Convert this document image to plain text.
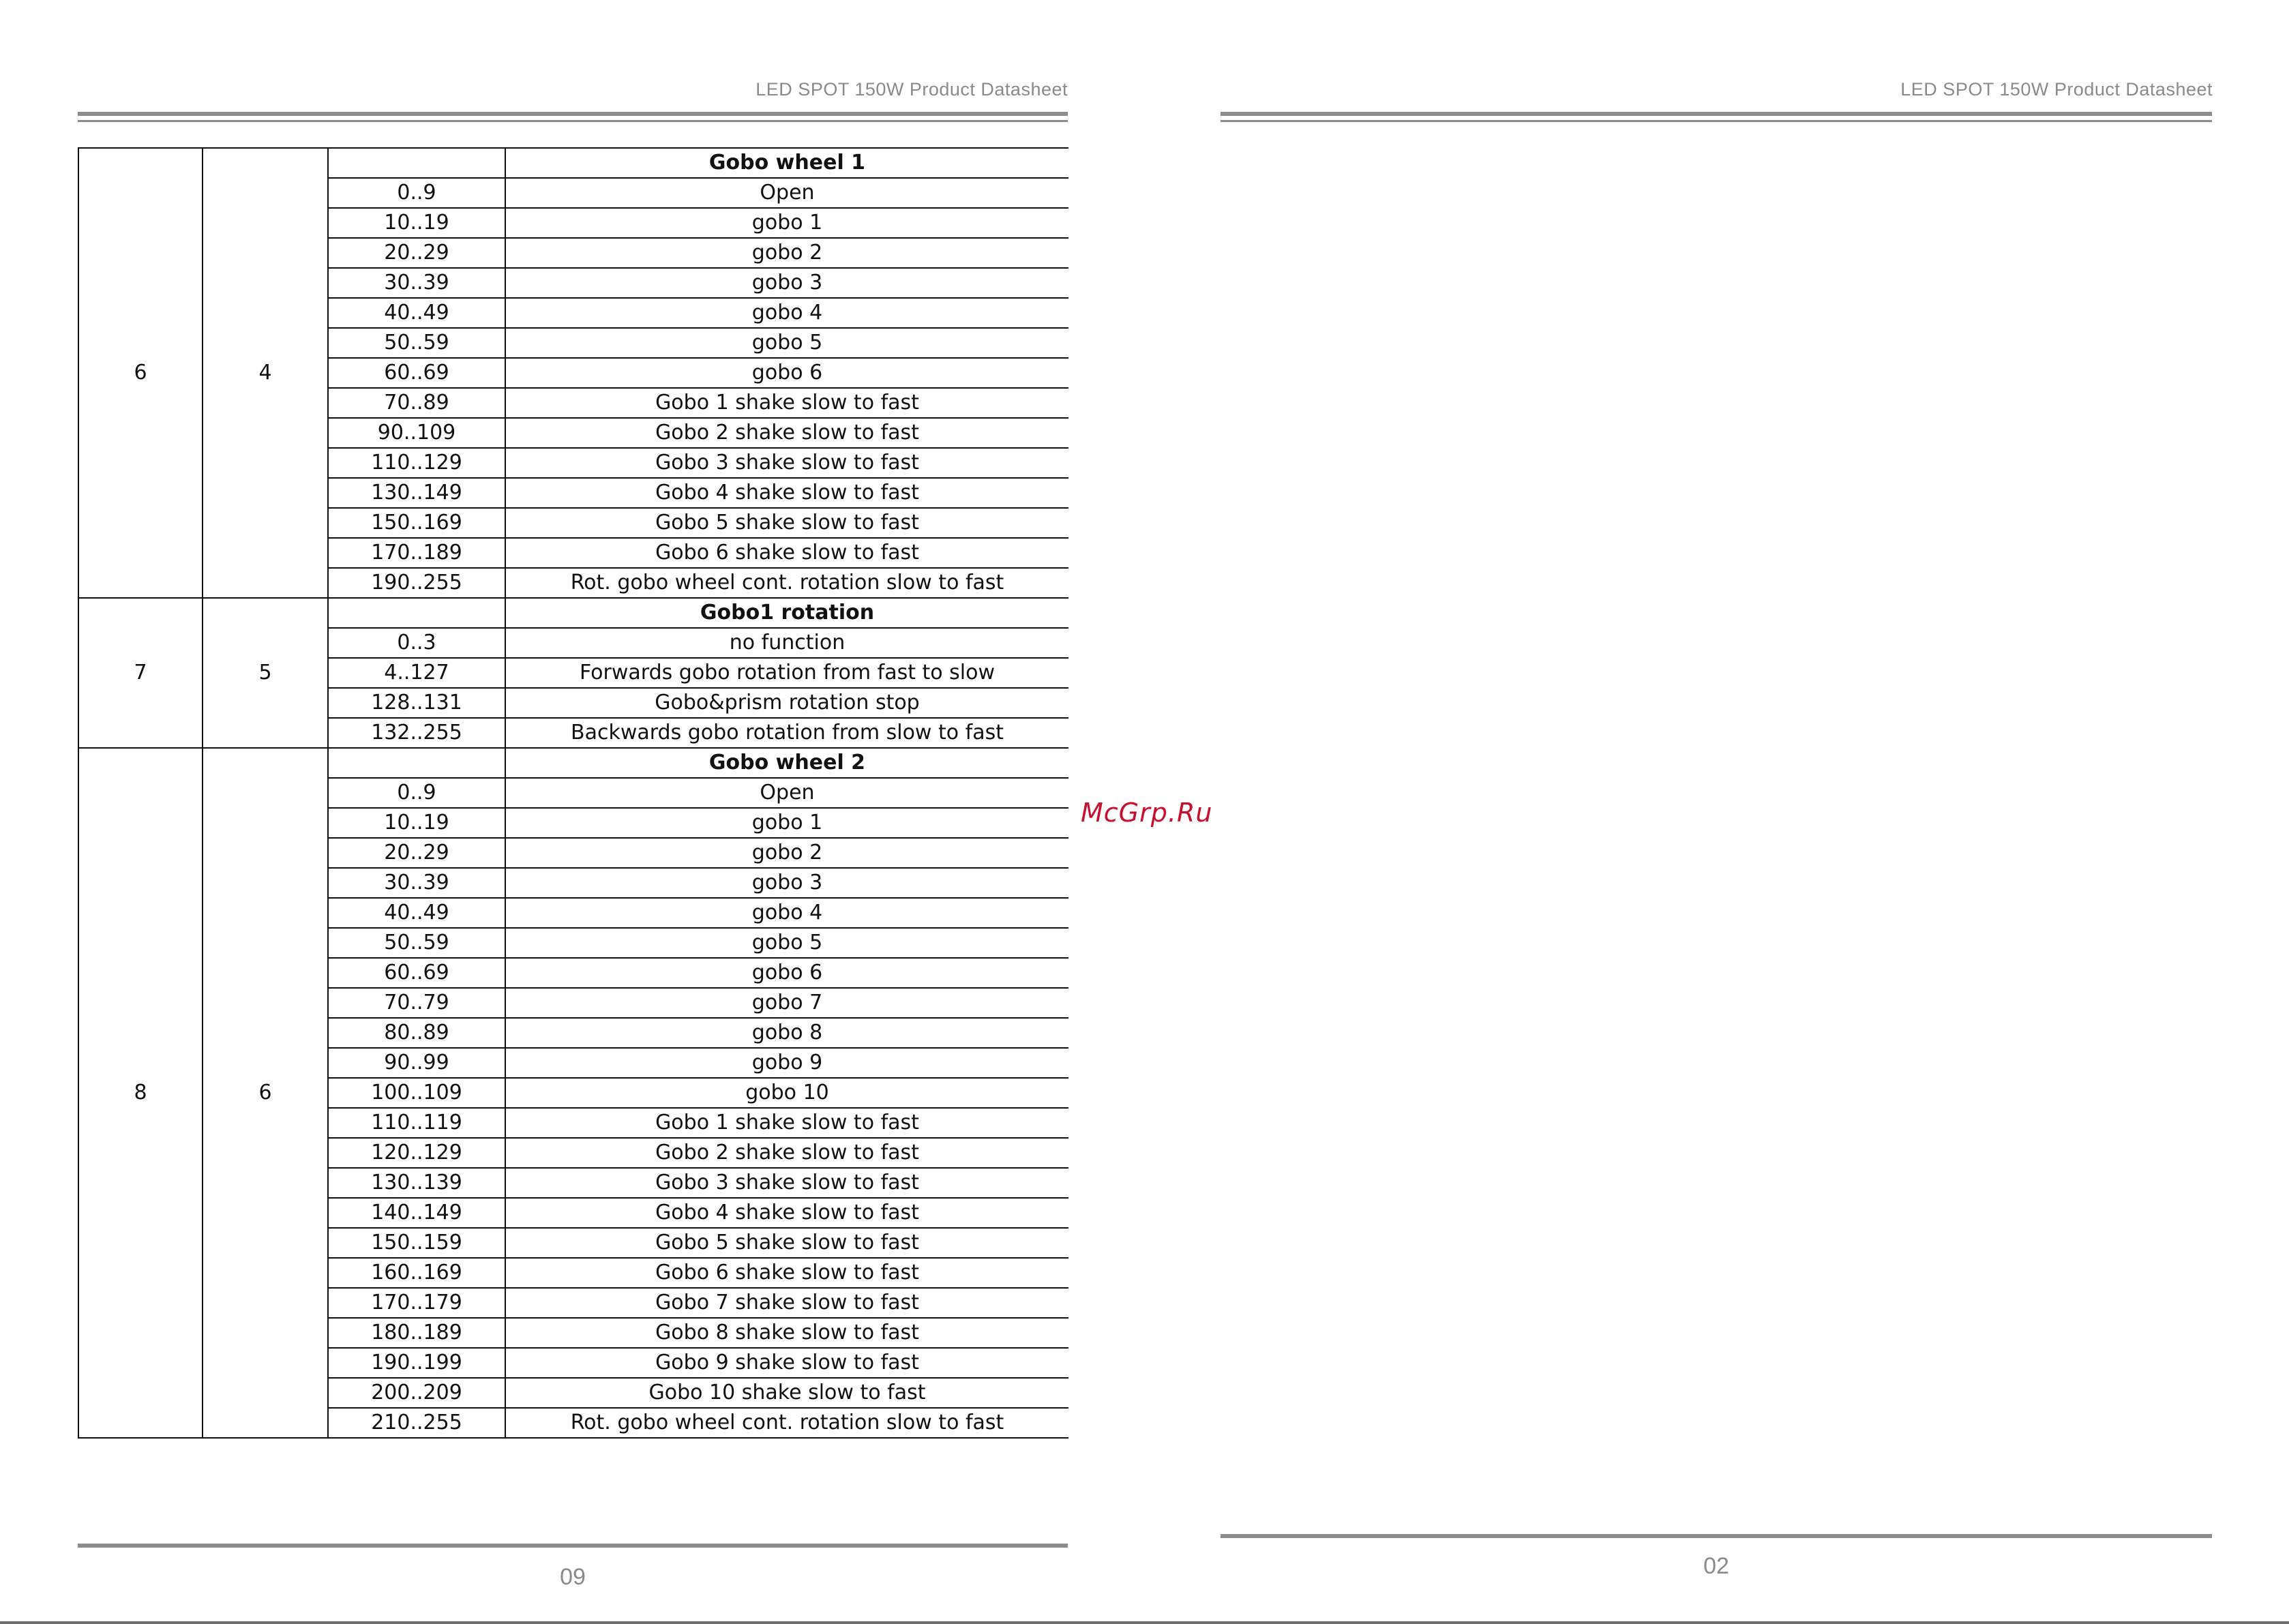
LED SPOT 150W Product Datasheet
6	4		Gobo wheel 1
		0..9	Open
		10..19	gobo 1
		20..29	gobo 2
		30..39	gobo 3
		40..49	gobo 4
		50..59	gobo 5
		60..69	gobo 6
		70..89	Gobo 1 shake slow to fast
		90..109	Gobo 2 shake slow to fast
		110..129	Gobo 3 shake slow to fast
		130..149	Gobo 4 shake slow to fast
		150..169	Gobo 5 shake slow to fast
		170..189	Gobo 6 shake slow to fast
		190..255	Rot. gobo wheel cont. rotation slow to fast
7	5		Gobo1 rotation
		0..3	no function
		4..127	Forwards gobo rotation from fast to slow
		128..131	Gobo&prism rotation stop
		132..255	Backwards gobo rotation from slow to fast
8	6		Gobo wheel 2
		0..9	Open
		10..19	gobo 1
		20..29	gobo 2
		30..39	gobo 3
		40..49	gobo 4
		50..59	gobo 5
		60..69	gobo 6
		70..79	gobo 7
		80..89	gobo 8
		90..99	gobo 9
		100..109	gobo 10
		110..119	Gobo 1 shake slow to fast
		120..129	Gobo 2 shake slow to fast
		130..139	Gobo 3 shake slow to fast
		140..149	Gobo 4 shake slow to fast
		150..159	Gobo 5 shake slow to fast
		160..169	Gobo 6 shake slow to fast
		170..179	Gobo 7 shake slow to fast
		180..189	Gobo 8 shake slow to fast
		190..199	Gobo 9 shake slow to fast
		200..209	Gobo 10 shake slow to fast
		210..255	Rot. gobo wheel cont. rotation slow to fast
09
McGrp.Ru
LED SPOT 150W Product Datasheet
02
